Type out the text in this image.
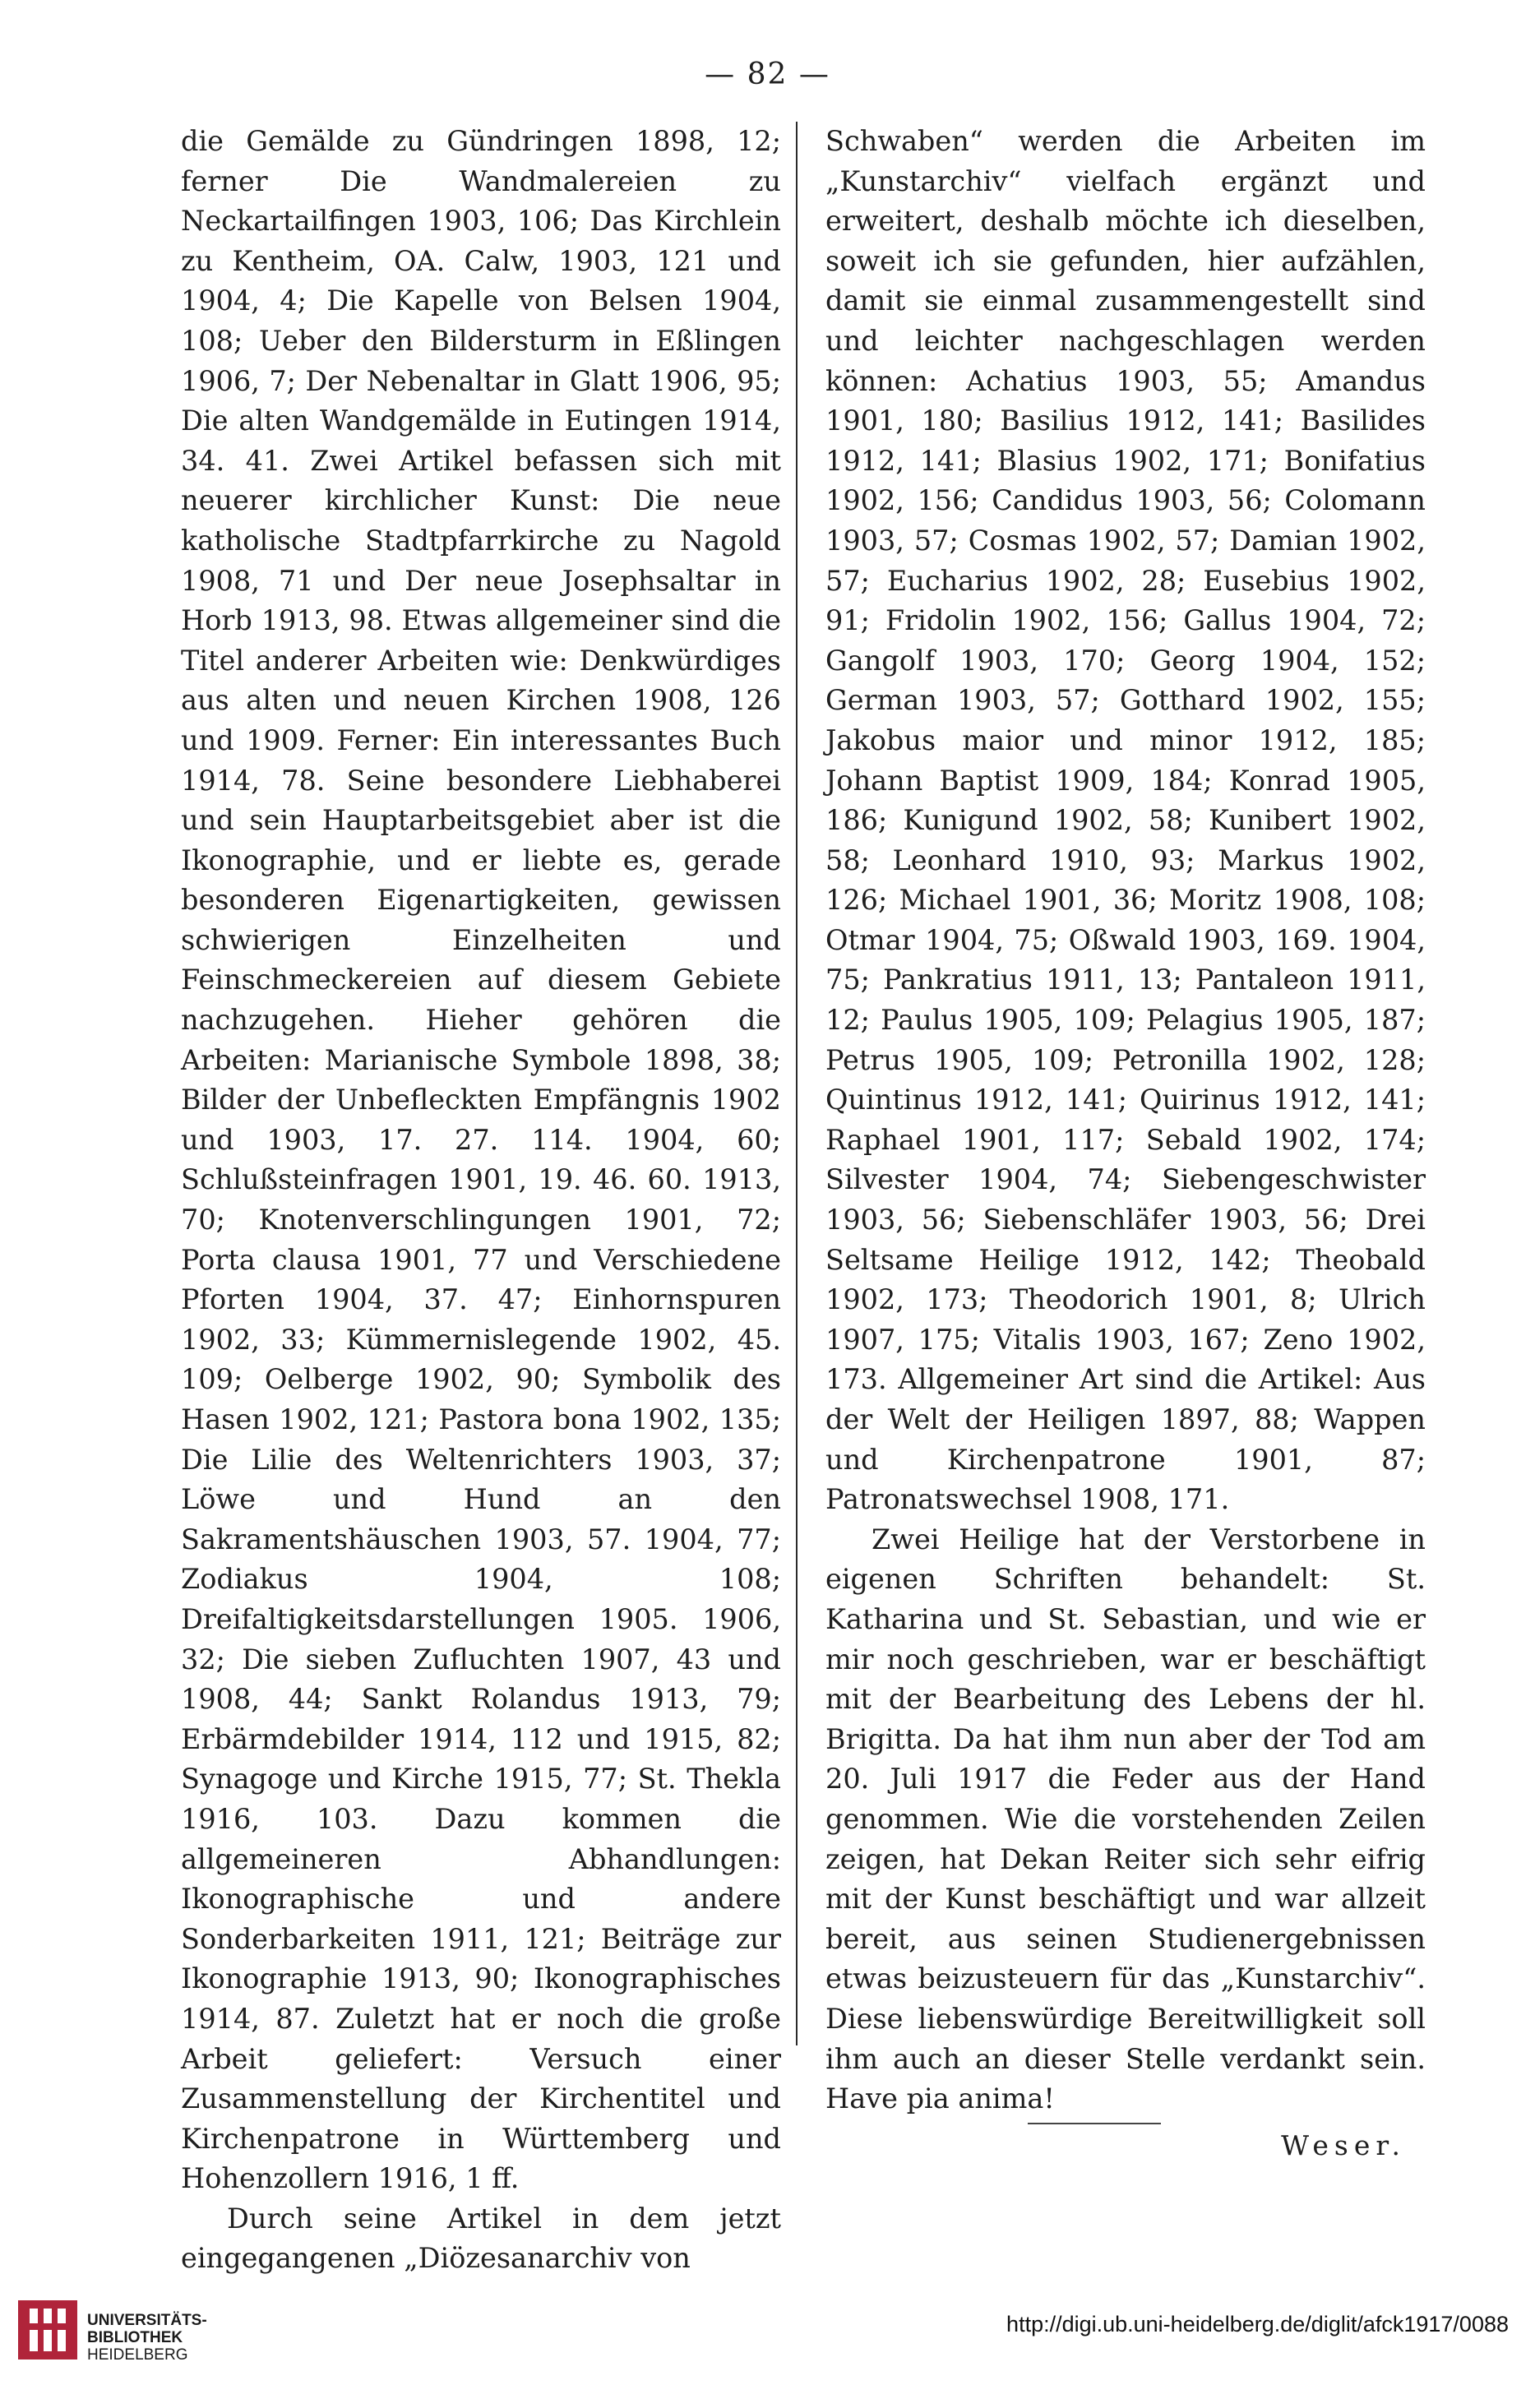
— 82 —

die Gemälde zu Gündringen 1898, 12; ferner Die Wandmalereien zu Neckartailfingen 1903, 106; Das Kirchlein zu Kentheim, OA. Calw, 1903, 121 und 1904, 4; Die Kapelle von Belsen 1904, 108; Ueber den Bildersturm in Eßlingen 1906, 7; Der Nebenaltar in Glatt 1906, 95; Die alten Wandgemälde in Eutingen 1914, 34. 41. Zwei Artikel befassen sich mit neuerer kirchlicher Kunst: Die neue katholische Stadtpfarrkirche zu Nagold 1908, 71 und Der neue Josephsaltar in Horb 1913, 98. Etwas allgemeiner sind die Titel anderer Arbeiten wie: Denkwürdiges aus alten und neuen Kirchen 1908, 126 und 1909. Ferner: Ein interessantes Buch 1914, 78. Seine besondere Liebhaberei und sein Hauptarbeitsgebiet aber ist die Ikonographie, und er liebte es, gerade besonderen Eigenartigkeiten, gewissen schwierigen Einzelheiten und Feinschmeckereien auf diesem Gebiete nachzugehen. Hieher gehören die Arbeiten: Marianische Symbole 1898, 38; Bilder der Unbefleckten Empfängnis 1902 und 1903, 17. 27. 114. 1904, 60; Schlußsteinfragen 1901, 19. 46. 60. 1913, 70; Knotenverschlingungen 1901, 72; Porta clausa 1901, 77 und Verschiedene Pforten 1904, 37. 47; Einhornspuren 1902, 33; Kümmernislegende 1902, 45. 109; Oelberge 1902, 90; Symbolik des Hasen 1902, 121; Pastora bona 1902, 135; Die Lilie des Weltenrichters 1903, 37; Löwe und Hund an den Sakramentshäuschen 1903, 57. 1904, 77; Zodiakus 1904, 108; Dreifaltigkeitsdarstellungen 1905. 1906, 32; Die sieben Zufluchten 1907, 43 und 1908, 44; Sankt Rolandus 1913, 79; Erbärmdebilder 1914, 112 und 1915, 82; Synagoge und Kirche 1915, 77; St. Thekla 1916, 103. Dazu kommen die allgemeineren Abhandlungen: Ikonographische und andere Sonderbarkeiten 1911, 121; Beiträge zur Ikonographie 1913, 90; Ikonographisches 1914, 87. Zuletzt hat er noch die große Arbeit geliefert: Versuch einer Zusammenstellung der Kirchentitel und Kirchenpatrone in Württemberg und Hohenzollern 1916, 1 ff.

Durch seine Artikel in dem jetzt eingegangenen „Diözesanarchiv von

Schwaben“ werden die Arbeiten im „Kunstarchiv“ vielfach ergänzt und erweitert, deshalb möchte ich dieselben, soweit ich sie gefunden, hier aufzählen, damit sie einmal zusammengestellt sind und leichter nachgeschlagen werden können: Achatius 1903, 55; Amandus 1901, 180; Basilius 1912, 141; Basilides 1912, 141; Blasius 1902, 171; Bonifatius 1902, 156; Candidus 1903, 56; Colomann 1903, 57; Cosmas 1902, 57; Damian 1902, 57; Eucharius 1902, 28; Eusebius 1902, 91; Fridolin 1902, 156; Gallus 1904, 72; Gangolf 1903, 170; Georg 1904, 152; German 1903, 57; Gotthard 1902, 155; Jakobus maior und minor 1912, 185; Johann Baptist 1909, 184; Konrad 1905, 186; Kunigund 1902, 58; Kunibert 1902, 58; Leonhard 1910, 93; Markus 1902, 126; Michael 1901, 36; Moritz 1908, 108; Otmar 1904, 75; Oßwald 1903, 169. 1904, 75; Pankratius 1911, 13; Pantaleon 1911, 12; Paulus 1905, 109; Pelagius 1905, 187; Petrus 1905, 109; Petronilla 1902, 128; Quintinus 1912, 141; Quirinus 1912, 141; Raphael 1901, 117; Sebald 1902, 174; Silvester 1904, 74; Siebengeschwister 1903, 56; Siebenschläfer 1903, 56; Drei Seltsame Heilige 1912, 142; Theobald 1902, 173; Theodorich 1901, 8; Ulrich 1907, 175; Vitalis 1903, 167; Zeno 1902, 173. Allgemeiner Art sind die Artikel: Aus der Welt der Heiligen 1897, 88; Wappen und Kirchenpatrone 1901, 87; Patronatswechsel 1908, 171.

Zwei Heilige hat der Verstorbene in eigenen Schriften behandelt: St. Katharina und St. Sebastian, und wie er mir noch geschrieben, war er beschäftigt mit der Bearbeitung des Lebens der hl. Brigitta. Da hat ihm nun aber der Tod am 20. Juli 1917 die Feder aus der Hand genommen. Wie die vorstehenden Zeilen zeigen, hat Dekan Reiter sich sehr eifrig mit der Kunst beschäftigt und war allzeit bereit, aus seinen Studienergebnissen etwas beizusteuern für das „Kunstarchiv“. Diese liebenswürdige Bereitwilligkeit soll ihm auch an dieser Stelle verdankt sein. Have pia anima!

Weser.

UNIVERSITÄTS-
BIBLIOTHEK
HEIDELBERG
http://digi.ub.uni-heidelberg.de/diglit/afck1917/0088
